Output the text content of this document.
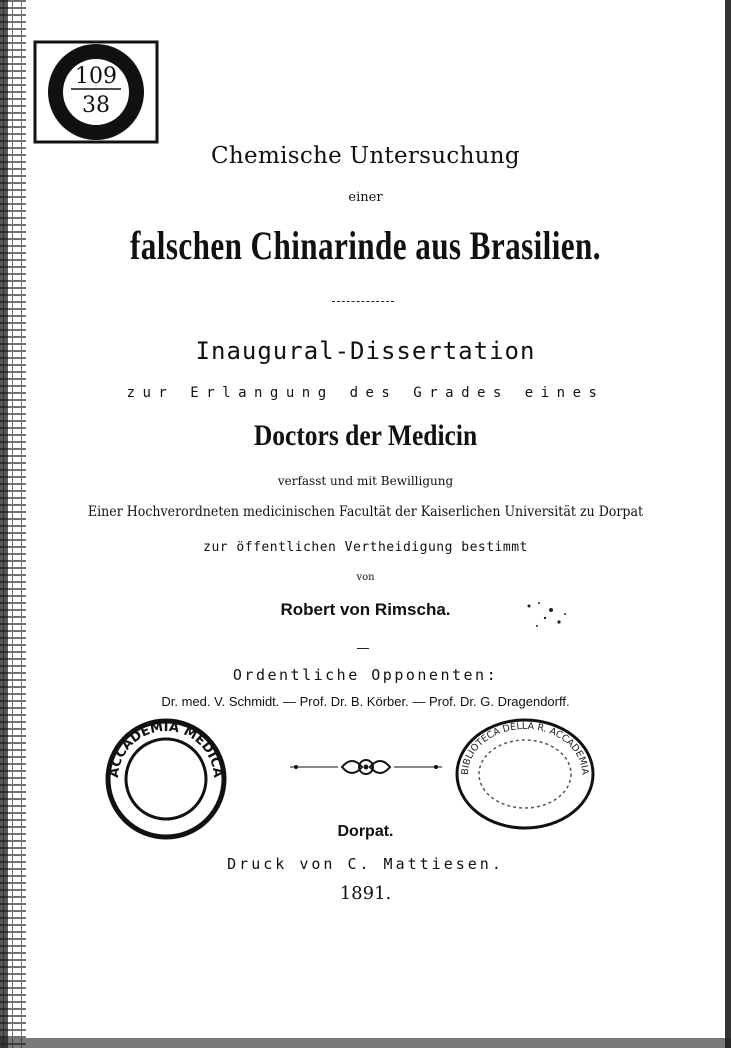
109
38
Chemische Untersuchung
einer
falschen Chinarinde aus Brasilien.
Inaugural-Dissertation
zur Erlangung des Grades eines
Doctors der Medicin
verfasst und mit Bewilligung
Einer Hochverordneten medicinischen Facultät der Kaiserlichen Universität zu Dorpat
zur öffentlichen Vertheidigung bestimmt
von
Robert von Rimscha.
Ordentliche Opponenten:
Dr. med. V. Schmidt. — Prof. Dr. B. Körber. — Prof. Dr. G. Dragendorff.
ACCADEMIA MEDICA	BIBLIOTECA DELLA R. ACCADEMIA
Dorpat.
Druck von C. Mattiesen.
1891.
